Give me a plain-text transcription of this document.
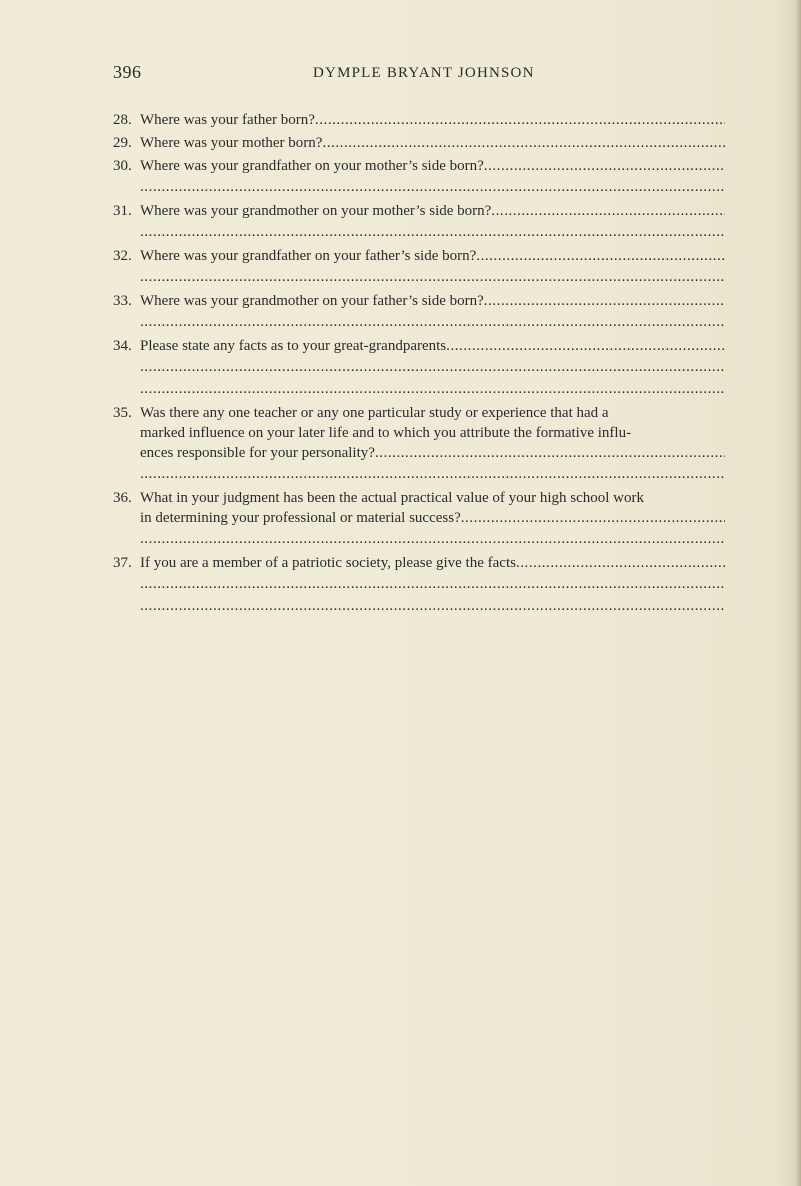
396	DYMPLE BRYANT JOHNSON
28. Where was your father born?
. . .
29. Where was your mother born?
. . .
30. Where was your grandfather on your mother’s side born?
. . .
. . .
31. Where was your grandmother on your mother’s side born?
. . .
. . .
32. Where was your grandfather on your father’s side born?
. . .
. . .
33. Where was your grandmother on your father’s side born?
. . .
. . .
34. Please state any facts as to your great-grandparents
. . .
. . .
. . .
35. Was there any one teacher or any one particular study or experience that had a
marked influence on your later life and to which you attribute the formative influ-
ences responsible for your personality?
. . .
. . .
36. What in your judgment has been the actual practical value of your high school work
in determining your professional or material success?
. . .
. . .
37. If you are a member of a patriotic society, please give the facts
. . .
. . .
. . .
